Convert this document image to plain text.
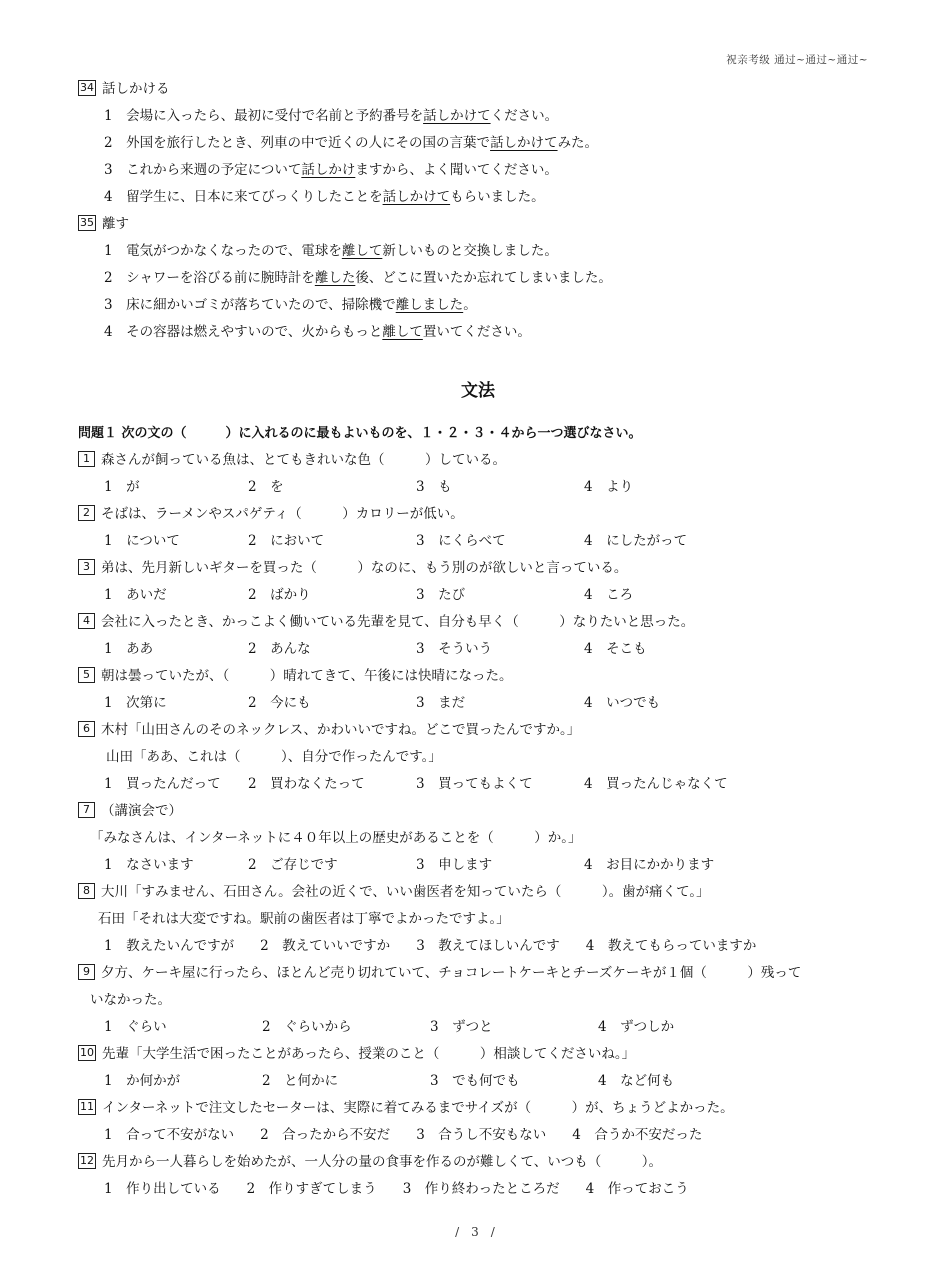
祝亲考级 通过~通过~通过~
34 話しかける
1　会場に入ったら、最初に受付で名前と予約番号を話しかけてください。
2　外国を旅行したとき、列車の中で近くの人にその国の言葉で話しかけてみた。
3　これから来週の予定について話しかけますから、よく聞いてください。
4　留学生に、日本に来てびっくりしたことを話しかけてもらいました。
35 離す
1　電気がつかなくなったので、電球を離して新しいものと交換しました。
2　シャワーを浴びる前に腕時計を離した後、どこに置いたか忘れてしまいました。
3　床に細かいゴミが落ちていたので、掃除機で離しました。
4　その容器は燃えやすいので、火からもっと離して置いてください。
文法
問題１ 次の文の（　　　）に入れるのに最もよいものを、１・２・３・４から一つ選びなさい。
1 森さんが飼っている魚は、とてもきれいな色（　　　）している。
1　が	2　を	3　も	4　より
2 そばは、ラーメンやスパゲティ（　　　）カロリーが低い。
1　について	2　において	3　にくらべて	4　にしたがって
3 弟は、先月新しいギターを買った（　　　）なのに、もう別のが欲しいと言っている。
1　あいだ	2　ばかり	3　たび	4　ころ
4 会社に入ったとき、かっこよく働いている先輩を見て、自分も早く（　　　）なりたいと思った。
1　ああ	2　あんな	3　そういう	4　そこも
5 朝は曇っていたが、（　　　）晴れてきて、午後には快晴になった。
1　次第に	2　今にも	3　まだ	4　いつでも
6 木村「山田さんのそのネックレス、かわいいですね。どこで買ったんですか。」
山田「ああ、これは（　　　）、自分で作ったんです。」
1　買ったんだって	2　買わなくたって	3　買ってもよくて	4　買ったんじゃなくて
7 （講演会で）
「みなさんは、インターネットに４０年以上の歴史があることを（　　　）か。」
1　なさいます	2　ご存じです	3　申します	4　お目にかかります
8 大川「すみません、石田さん。会社の近くで、いい歯医者を知っていたら（　　　）。歯が痛くて。」
石田「それは大変ですね。駅前の歯医者は丁寧でよかったですよ。」
1　教えたいんですが 2　教えていいですか 3　教えてほしいんです 4　教えてもらっていますか
9 夕方、ケーキ屋に行ったら、ほとんど売り切れていて、チョコレートケーキとチーズケーキが１個（　　　）残って
いなかった。
1　ぐらい	2　ぐらいから	3　ずつと	4　ずつしか
10 先輩「大学生活で困ったことがあったら、授業のこと（　　　）相談してくださいね。」
1　か何かが	2　と何かに	3　でも何でも	4　など何も
11 インターネットで注文したセーターは、実際に着てみるまでサイズが（　　　）が、ちょうどよかった。
1　合って不安がない 2　合ったから不安だ 3　合うし不安もない 4　合うか不安だった
12 先月から一人暮らしを始めたが、一人分の量の食事を作るのが難しくて、いつも（　　　）。
1　作り出している 2　作りすぎてしまう 3　作り終わったところだ 4　作っておこう
/　3　/
